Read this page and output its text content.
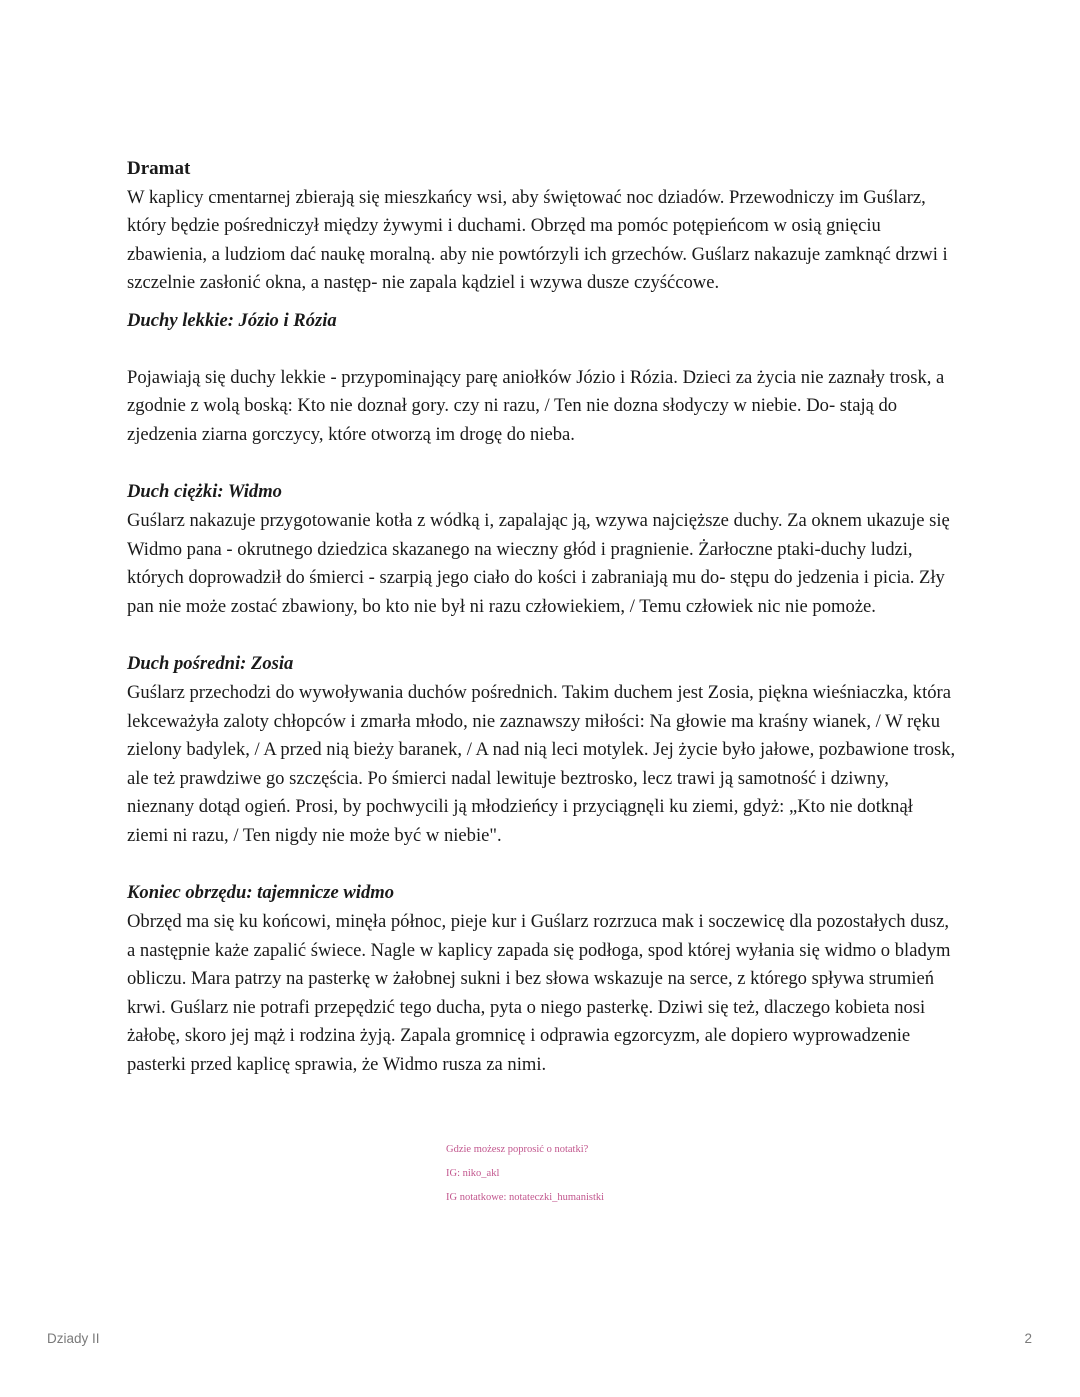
Dramat

W kaplicy cmentarnej zbierają się mieszkańcy wsi, aby świętować noc dziadów. Przewodniczy im Guślarz, który będzie pośredniczył między żywymi i duchami. Obrzęd ma pomóc potępieńcom w osią gnięciu zbawienia, a ludziom dać naukę moralną. aby nie powtórzyli ich grzechów. Guślarz nakazuje zamknąć drzwi i szczelnie zasłonić okna, a następ- nie zapala kądziel i wzywa dusze czyśćcowe.

Duchy lekkie: Józio i Rózia

Pojawiają się duchy lekkie - przypominający parę aniołków Józio i Rózia. Dzieci za życia nie zaznały trosk, a zgodnie z wolą boską: Kto nie doznał gory. czy ni razu, / Ten nie dozna słodyczy w niebie. Do- stają do zjedzenia ziarna gorczycy, które otworzą im drogę do nieba.

Duch ciężki: Widmo

Guślarz nakazuje przygotowanie kotła z wódką i, zapalając ją, wzywa najcięższe duchy. Za oknem ukazuje się Widmo pana - okrutnego dziedzica skazanego na wieczny głód i pragnienie. Żarłoczne ptaki-duchy ludzi, których doprowadził do śmierci - szarpią jego ciało do kości i zabraniają mu do- stępu do jedzenia i picia. Zły pan nie może zostać zbawiony, bo kto nie był ni razu człowiekiem, / Temu człowiek nic nie pomoże.

Duch pośredni: Zosia

Guślarz przechodzi do wywoływania duchów pośrednich. Takim duchem jest Zosia, piękna wieśniaczka, która lekceważyła zaloty chłopców i zmarła młodo, nie zaznawszy miłości: Na głowie ma kraśny wianek, / W ręku zielony badylek, / A przed nią bieży baranek, / A nad nią leci motylek. Jej życie było jałowe, pozbawione trosk, ale też prawdziwe go szczęścia. Po śmierci nadal lewituje beztrosko, lecz trawi ją samotność i dziwny, nieznany dotąd ogień. Prosi, by pochwycili ją młodzieńcy i przyciągnęli ku ziemi, gdyż: „Kto nie dotknął ziemi ni razu, / Ten nigdy nie może być w niebie".

Koniec obrzędu: tajemnicze widmo

Obrzęd ma się ku końcowi, minęła północ, pieje kur i Guślarz rozrzuca mak i soczewicę dla pozostałych dusz, a następnie każe zapalić świece. Nagle w kaplicy zapada się podłoga, spod której wyłania się widmo o bladym obliczu. Mara patrzy na pasterkę w żałobnej sukni i bez słowa wskazuje na serce, z którego spływa strumień krwi. Guślarz nie potrafi przepędzić tego ducha, pyta o niego pasterkę. Dziwi się też, dlaczego kobieta nosi żałobę, skoro jej mąż i rodzina żyją. Zapala gromnicę i odprawia egzorcyzm, ale dopiero wyprowadzenie pasterki przed kaplicę sprawia, że Widmo rusza za nimi.

Gdzie możesz poprosić o notatki?

IG: niko_akl

IG notatkowe: notateczki_humanistki

Dziady II	2
